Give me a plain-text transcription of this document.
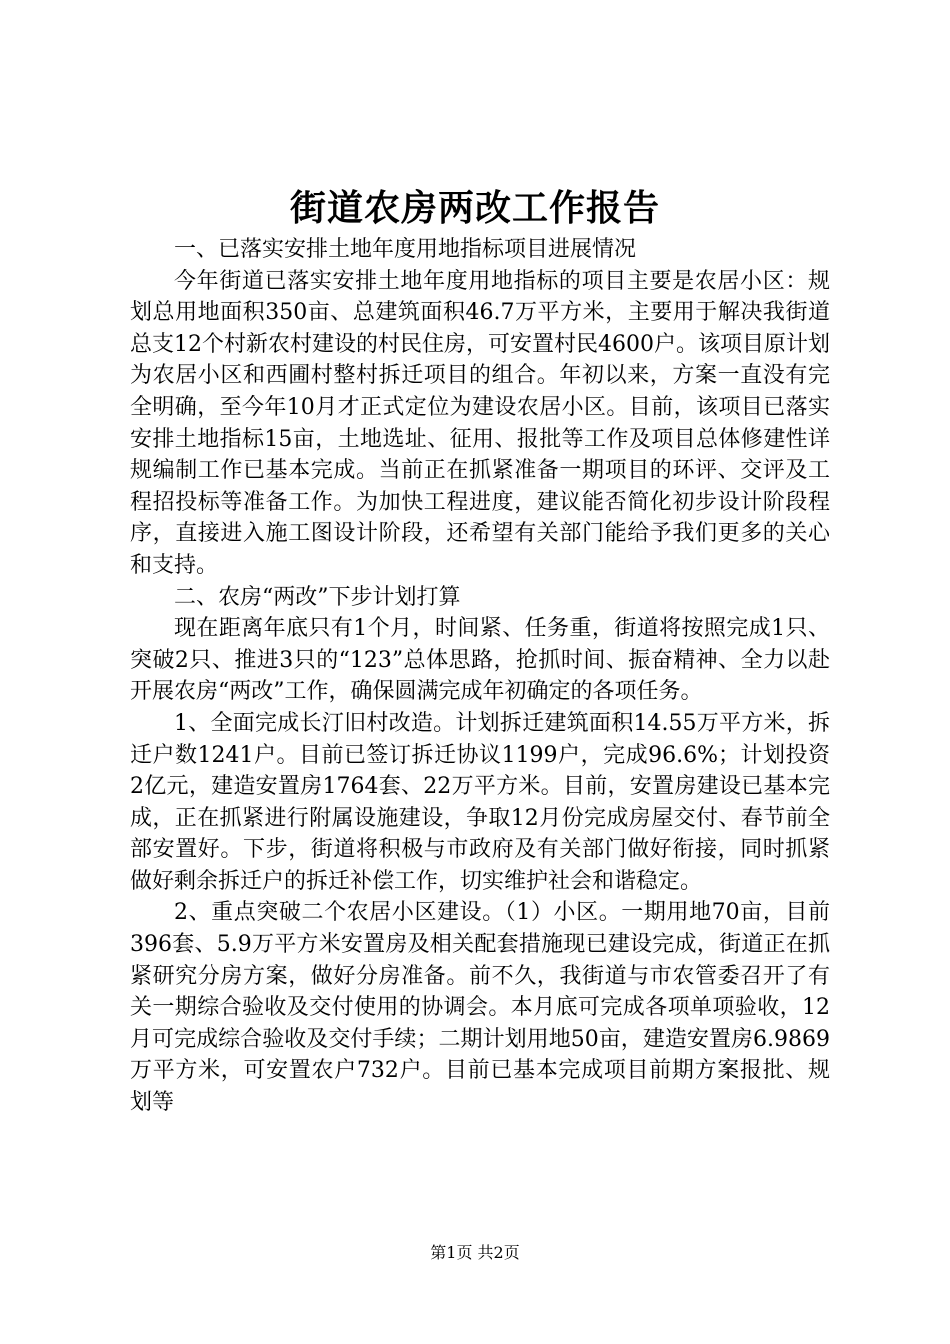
街道农房两改工作报告

一、已落实安排土地年度用地指标项目进展情况

今年街道已落实安排土地年度用地指标的项目主要是农居小区：规划总用地面积350亩、总建筑面积46.7万平方米，主要用于解决我街道总支12个村新农村建设的村民住房，可安置村民4600户。该项目原计划为农居小区和西圃村整村拆迁项目的组合。年初以来，方案一直没有完全明确，至今年10月才正式定位为建设农居小区。目前，该项目已落实安排土地指标15亩，土地选址、征用、报批等工作及项目总体修建性详规编制工作已基本完成。当前正在抓紧准备一期项目的环评、交评及工程招投标等准备工作。为加快工程进度，建议能否简化初步设计阶段程序，直接进入施工图设计阶段，还希望有关部门能给予我们更多的关心和支持。

二、农房“两改”下步计划打算

现在距离年底只有1个月，时间紧、任务重，街道将按照完成1只、突破2只、推进3只的“123”总体思路，抢抓时间、振奋精神、全力以赴开展农房“两改”工作，确保圆满完成年初确定的各项任务。

1、全面完成长汀旧村改造。计划拆迁建筑面积14.55万平方米，拆迁户数1241户。目前已签订拆迁协议1199户，完成96.6%；计划投资2亿元，建造安置房1764套、22万平方米。目前，安置房建设已基本完成，正在抓紧进行附属设施建设，争取12月份完成房屋交付、春节前全部安置好。下步，街道将积极与市政府及有关部门做好衔接，同时抓紧做好剩余拆迁户的拆迁补偿工作，切实维护社会和谐稳定。

2、重点突破二个农居小区建设。（1）小区。一期用地70亩，目前396套、5.9万平方米安置房及相关配套措施现已建设完成，街道正在抓紧研究分房方案，做好分房准备。前不久，我街道与市农管委召开了有关一期综合验收及交付使用的协调会。本月底可完成各项单项验收，12月可完成综合验收及交付手续；二期计划用地50亩，建造安置房6.9869万平方米，可安置农户732户。目前已基本完成项目前期方案报批、规划等

第1页 共2页
